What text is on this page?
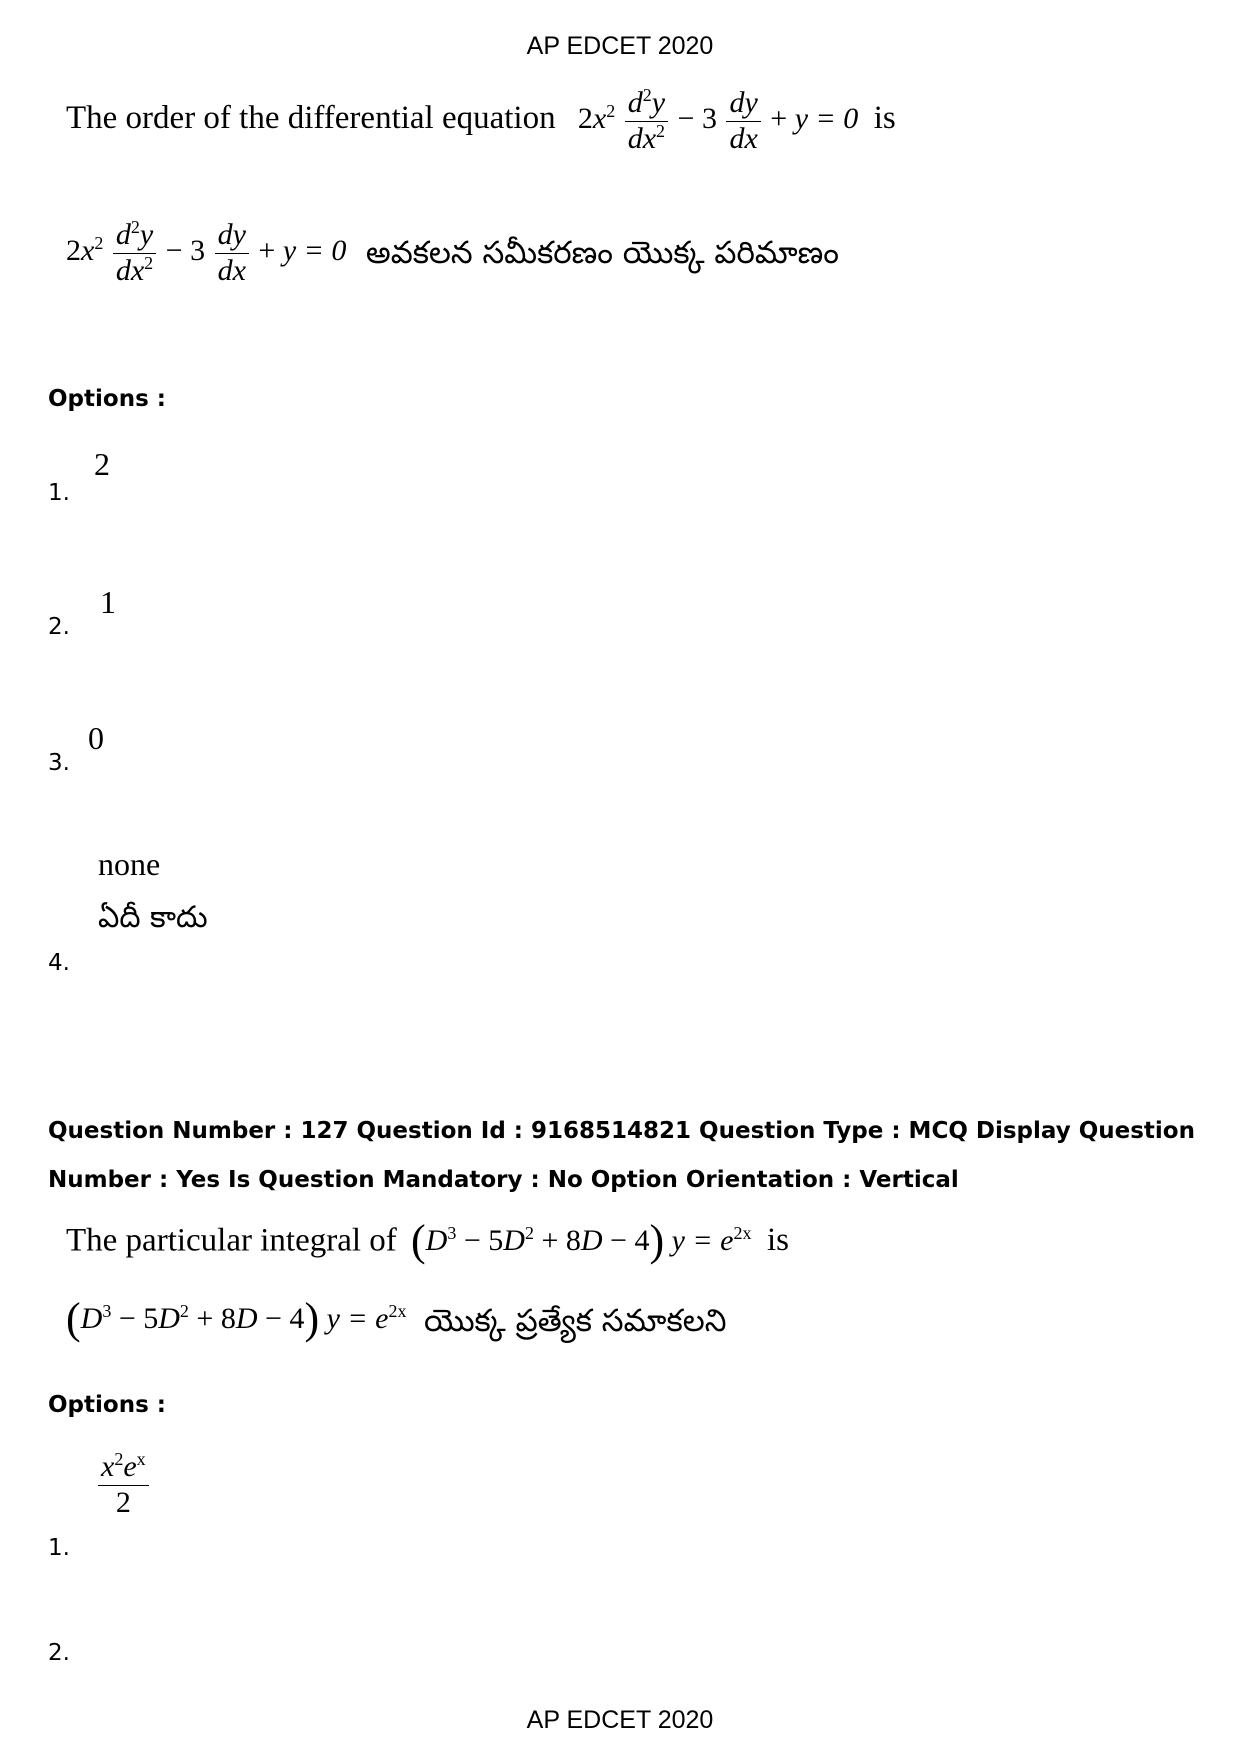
AP EDCET 2020
The order of the differential equation $2x^2 \frac{d^2y}{dx^2} - 3 \frac{dy}{dx} + y = 0$ is
$2x^2 \frac{d^2y}{dx^2} - 3 \frac{dy}{dx} + y = 0$ అవకలన సమీకరణం యొక్క పరిమాణం
Options :
2
1.
1
2.
0
3.
none
ఏదీ కాదు
4.
Question Number : 127 Question Id : 9168514821 Question Type : MCQ Display Question
Number : Yes Is Question Mandatory : No Option Orientation : Vertical
The particular integral of $(D^3 - 5D^2 + 8D - 4) y = e^{2x}$ is
$(D^3 - 5D^2 + 8D - 4) y = e^{2x}$ యొక్క ప్రత్యేక సమాకలని
Options :
$\frac{x^2e^x}{2}$
1.
2.
AP EDCET 2020
